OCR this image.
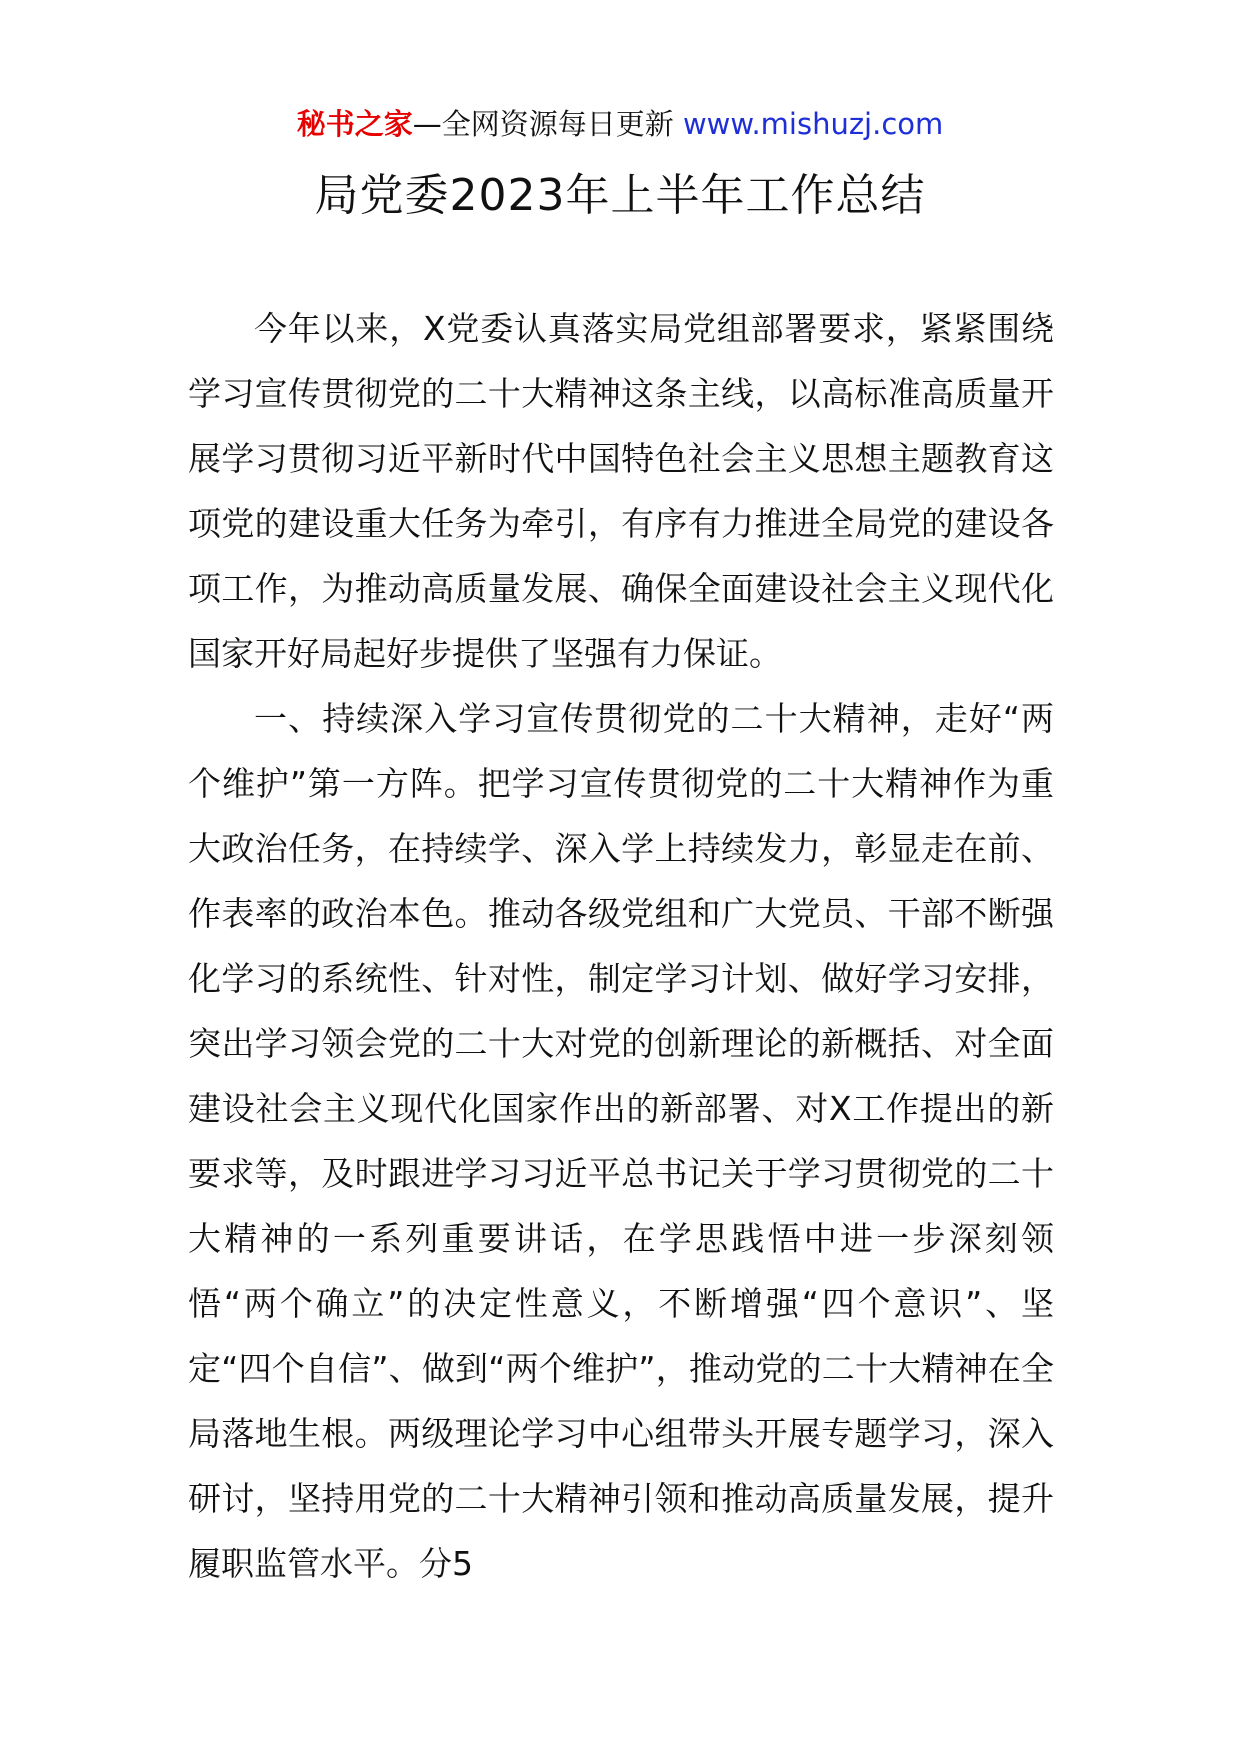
秘书之家—全网资源每日更新 www.mishuzj.com
局党委2023年上半年工作总结

今年以来，X党委认真落实局党组部署要求，紧紧围绕学习宣传贯彻党的二十大精神这条主线，以高标准高质量开展学习贯彻习近平新时代中国特色社会主义思想主题教育这项党的建设重大任务为牵引，有序有力推进全局党的建设各项工作，为推动高质量发展、确保全面建设社会主义现代化国家开好局起好步提供了坚强有力保证。

一、持续深入学习宣传贯彻党的二十大精神，走好“两个维护”第一方阵。把学习宣传贯彻党的二十大精神作为重大政治任务，在持续学、深入学上持续发力，彰显走在前、作表率的政治本色。推动各级党组和广大党员、干部不断强化学习的系统性、针对性，制定学习计划、做好学习安排，突出学习领会党的二十大对党的创新理论的新概括、对全面建设社会主义现代化国家作出的新部署、对X工作提出的新要求等，及时跟进学习习近平总书记关于学习贯彻党的二十大精神的一系列重要讲话，在学思践悟中进一步深刻领悟“两个确立”的决定性意义，不断增强“四个意识”、坚定“四个自信”、做到“两个维护”，推动党的二十大精神在全局落地生根。两级理论学习中心组带头开展专题学习，深入研讨，坚持用党的二十大精神引领和推动高质量发展，提升履职监管水平。分5
